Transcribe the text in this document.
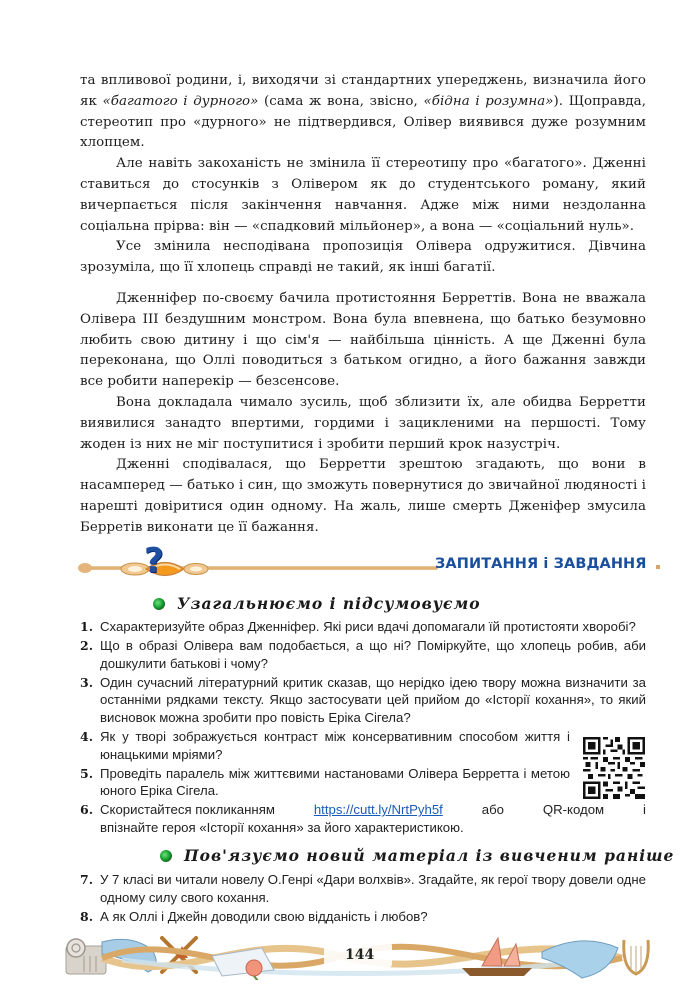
та впливової родини, і, виходячи зі стандартних упереджень, визначила його як «багатого і дурного» (сама ж вона, звісно, «бідна і розумна»). Щоправда, стереотип про «дурного» не підтвердився, Олівер виявився дуже розумним хлопцем.

Але навіть закоханість не змінила її стереотипу про «багатого». Дженні ставиться до стосунків з Олівером як до студентського роману, який вичерпається після закінчення навчання. Адже між ними нездоланна соціальна прірва: він — «спадковий мільйонер», а вона — «соціальний нуль».

Усе змінила несподівана пропозиція Олівера одружитися. Дівчина зрозуміла, що її хлопець справді не такий, як інші багатії.

Дженніфер по-своєму бачила протистояння Берреттів. Вона не вважала Олівера III бездушним монстром. Вона була впевнена, що батько безумовно любить свою дитину і що сім'я — найбільша цінність. А ще Дженні була переконана, що Оллі поводиться з батьком огидно, а його бажання завжди все робити наперекір — безсенсове.

Вона докладала чимало зусиль, щоб зблизити їх, але обидва Берретти виявилися занадто впертими, гордими і зацикленими на першості. Тому жоден із них не міг поступитися і зробити перший крок назустріч.

Дженні сподівалася, що Берретти зрештою згадають, що вони в насамперед — батько і син, що зможуть повернутися до звичайної людяності і нарешті довіритися один одному. На жаль, лише смерть Дженіфер змусила Берретів виконати це її бажання.

?	ЗАПИТАННЯ і ЗАВДАННЯ
Узагальнюємо і підсумовуємо
1. Схарактеризуйте образ Дженніфер. Які риси вдачі допомагали їй протистояти хворобі?
2. Що в образі Олівера вам подобається, а що ні? Поміркуйте, що хлопець робив, аби дошкулити батькові і чому?
3. Один сучасний літературний критик сказав, що нерідко ідею твору можна визначити за останніми рядками тексту. Якщо застосувати цей прийом до «Історії кохання», то який висновок можна зробити про повість Еріка Сігела?
4. Як у творі зображується контраст між консервативним способом життя і юнацькими мріями?
5. Проведіть паралель між життєвими настановами Олівера Берретта і метою юного Еріка Сігела.
6. Скористайтеся покликанням	https://cutt.ly/NrtPyh5f	або	QR-кодом	і
впізнайте героя «Історії кохання» за його характеристикою.
Пов'язуємо новий матеріал із вивченим раніше
7. У 7 класі ви читали новелу О.Генрі «Дари волхвів». Згадайте, як герої твору довели одне одному силу свого кохання.
8. А як Оллі і Джейн доводили свою відданість і любов?
144
